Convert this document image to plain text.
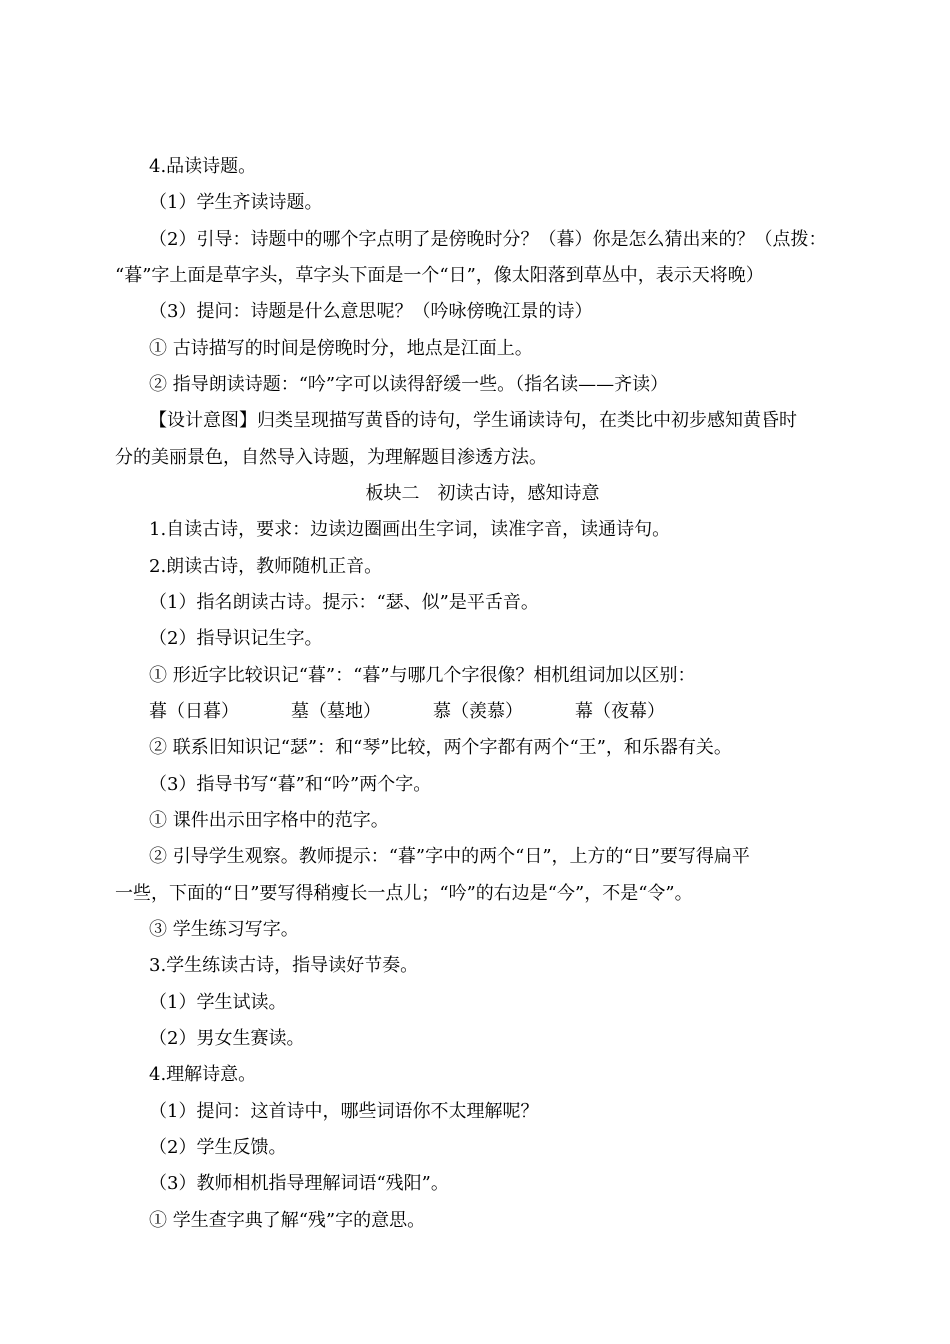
4.品读诗题。
（1）学生齐读诗题。
（2）引导：诗题中的哪个字点明了是傍晚时分？（暮）你是怎么猜出来的？（点拨：
“暮”字上面是草字头，草字头下面是一个“日”，像太阳落到草丛中，表示天将晚）
（3）提问：诗题是什么意思呢？（吟咏傍晚江景的诗）
① 古诗描写的时间是傍晚时分，地点是江面上。
② 指导朗读诗题：“吟”字可以读得舒缓一些。（指名读——齐读）
【设计意图】归类呈现描写黄昏的诗句，学生诵读诗句，在类比中初步感知黄昏时
分的美丽景色，自然导入诗题，为理解题目渗透方法。
板块二　初读古诗，感知诗意
1.自读古诗，要求：边读边圈画出生字词，读准字音，读通诗句。
2.朗读古诗，教师随机正音。
（1）指名朗读古诗。提示：“瑟、似”是平舌音。
（2）指导识记生字。
① 形近字比较识记“暮”：“暮”与哪几个字很像？相机组词加以区别：
暮（日暮）	墓（墓地）	慕（羡慕）	幕（夜幕）
② 联系旧知识记“瑟”：和“琴”比较，两个字都有两个“王”，和乐器有关。
（3）指导书写“暮”和“吟”两个字。
① 课件出示田字格中的范字。
② 引导学生观察。教师提示：“暮”字中的两个“日”，上方的“日”要写得扁平
一些，下面的“日”要写得稍瘦长一点儿；“吟”的右边是“今”，不是“令”。
③ 学生练习写字。
3.学生练读古诗，指导读好节奏。
（1）学生试读。
（2）男女生赛读。
4.理解诗意。
（1）提问：这首诗中，哪些词语你不太理解呢？
（2）学生反馈。
（3）教师相机指导理解词语“残阳”。
① 学生查字典了解“残”字的意思。
